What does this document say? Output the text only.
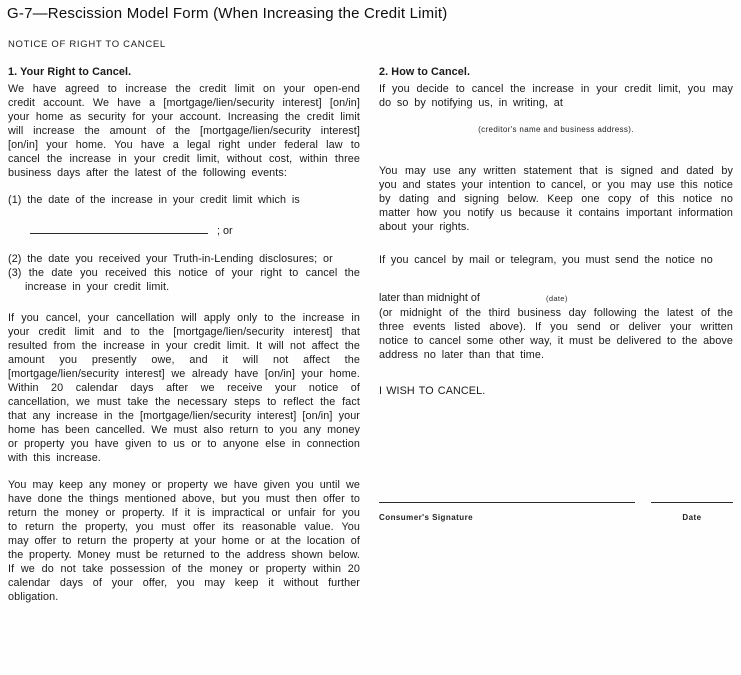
G-7—Rescission Model Form (When Increasing the Credit Limit)
NOTICE OF RIGHT TO CANCEL

1. Your Right to Cancel.

We have agreed to increase the credit limit on your open-end credit account. We have a [mortgage/lien/security interest] [on/in] your home as security for your account. Increasing the credit limit will increase the amount of the [mortgage/lien/security interest] [on/in] your home. You have a legal right under federal law to cancel the increase in your credit limit, without cost, within three business days after the latest of the following events:

(1) the date of the increase in your credit limit which is

; or

(2) the date you received your Truth-in-Lending disclosures; or

(3) the date you received this notice of your right to cancel the increase in your credit limit.

If you cancel, your cancellation will apply only to the increase in your credit limit and to the [mortgage/lien/security interest] that resulted from the increase in your credit limit. It will not affect the amount you presently owe, and it will not affect the [mortgage/lien/security interest] we already have [on/in] your home. Within 20 calendar days after we receive your notice of cancellation, we must take the necessary steps to reflect the fact that any increase in the [mortgage/lien/security interest] [on/in] your home has been cancelled. We must also return to you any money or property you have given to us or to anyone else in connection with this increase.

You may keep any money or property we have given you until we have done the things mentioned above, but you must then offer to return the money or property. If it is impractical or unfair for you to return the property, you must offer its reasonable value. You may offer to return the property at your home or at the location of the property. Money must be returned to the address shown below. If we do not take possession of the money or property within 20 calendar days of your offer, you may keep it without further obligation.

2. How to Cancel.

If you decide to cancel the increase in your credit limit, you may do so by notifying us, in writing, at

(creditor's name and business address).

You may use any written statement that is signed and dated by you and states your intention to cancel, or you may use this notice by dating and signing below. Keep one copy of this notice no matter how you notify us because it contains important information about your rights.

If you cancel by mail or telegram, you must send the notice no

later than midnight of	(date)

(or midnight of the third business day following the latest of the three events listed above). If you send or deliver your written notice to cancel some other way, it must be delivered to the above address no later than that time.

I WISH TO CANCEL.

Consumer's Signature	Date
